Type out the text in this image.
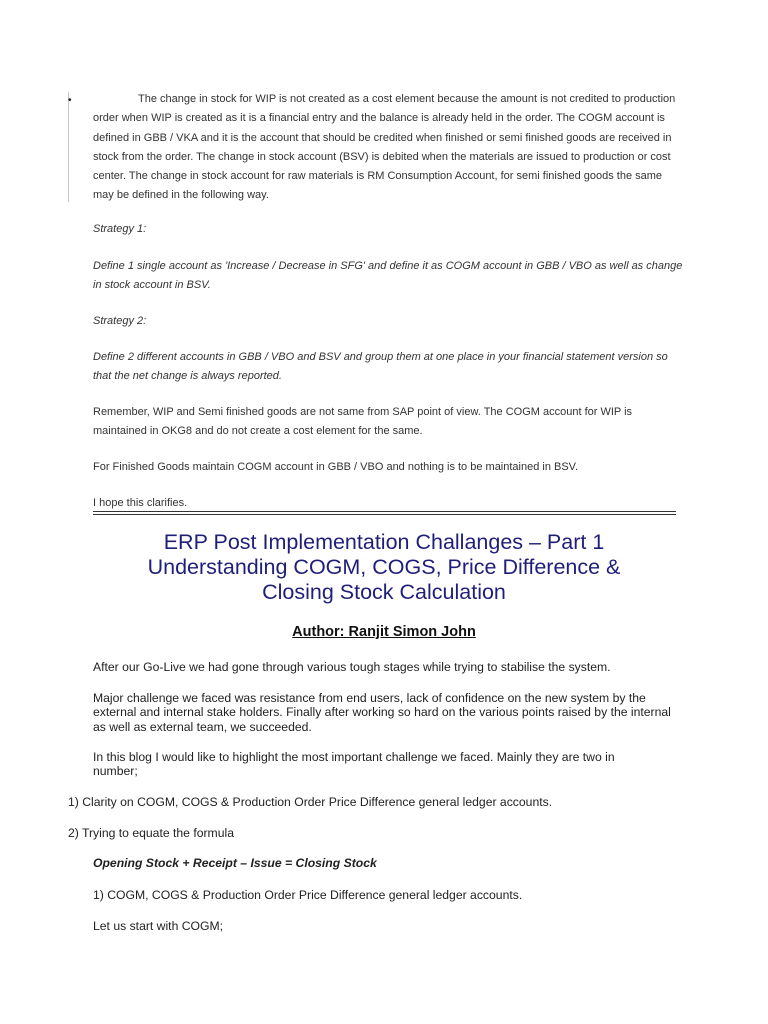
•	The change in stock for WIP is not created as a cost element because the amount is not credited to production order when WIP is created as it is a financial entry and the balance is already held in the order. The COGM account is defined in GBB / VKA and it is the account that should be credited when finished or semi finished goods are received in stock from the order. The change in stock account (BSV) is debited when the materials are issued to production or cost center. The change in stock account for raw materials is RM Consumption Account, for semi finished goods the same may be defined in the following way.

Strategy 1:

Define 1 single account as 'Increase / Decrease in SFG' and define it as COGM account in GBB / VBO as well as change in stock account in BSV.

Strategy 2:

Define 2 different accounts in GBB / VBO and BSV and group them at one place in your financial statement version so that the net change is always reported.

Remember, WIP and Semi finished goods are not same from SAP point of view. The COGM account for WIP is maintained in OKG8 and do not create a cost element for the same.

For Finished Goods maintain COGM account in GBB / VBO and nothing is to be maintained in BSV.

I hope this clarifies.

ERP Post Implementation Challanges – Part 1
Understanding COGM, COGS, Price Difference &
Closing Stock Calculation

Author: Ranjit Simon John

After our Go-Live we had gone through various tough stages while trying to stabilise the system.

Major challenge we faced was resistance from end users, lack of confidence on the new system by the external and internal stake holders. Finally after working so hard on the various points raised by the internal as well as external team, we succeeded.

In this blog I would like to highlight the most important challenge we faced. Mainly they are two in number;

1) Clarity on COGM, COGS & Production Order Price Difference general ledger accounts.

2) Trying to equate the formula

Opening Stock + Receipt – Issue = Closing Stock

1) COGM, COGS & Production Order Price Difference general ledger accounts.

Let us start with COGM;
